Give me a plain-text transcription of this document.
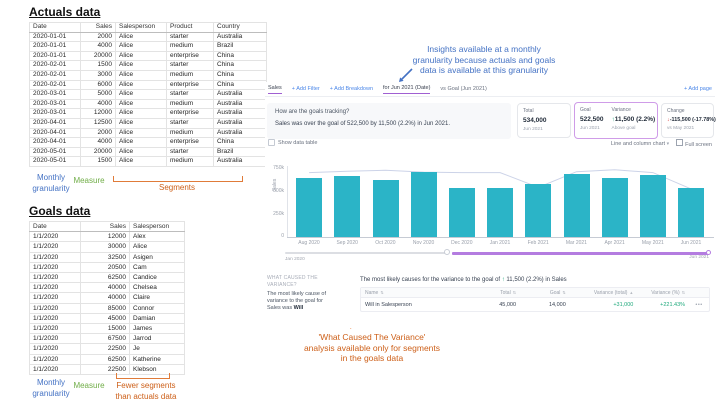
Actuals data
Date	Sales	Salesperson	Product	Country
2020-01-01	2000	Alice	starter	Australia
2020-01-01	4000	Alice	medium	Brazil
2020-01-01	20000	Alice	enterprise	China
2020-02-01	1500	Alice	starter	China
2020-02-01	3000	Alice	medium	China
2020-02-01	6000	Alice	enterprise	China
2020-03-01	5000	Alice	starter	Australia
2020-03-01	4000	Alice	medium	Australia
2020-03-01	12000	Alice	enterprise	Australia
2020-04-01	12500	Alice	starter	Australia
2020-04-01	2000	Alice	medium	Australia
2020-04-01	4000	Alice	enterprise	China
2020-05-01	20000	Alice	starter	Brazil
2020-05-01	1500	Alice	medium	Australia
Monthly granularity
Measure
Segments
Goals data
Date	Sales	Salesperson
1/1/2020	12000	Alex
1/1/2020	30000	Alice
1/1/2020	32500	Asigen
1/1/2020	20500	Cam
1/1/2020	62500	Candice
1/1/2020	40000	Chelsea
1/1/2020	40000	Claire
1/1/2020	85000	Connor
1/1/2020	45000	Damian
1/1/2020	15000	James
1/1/2020	67500	Jarrod
1/1/2020	22500	Je
1/1/2020	62500	Katherine
1/1/2020	22500	Klebson
Monthly granularity
Measure	Fewer segments
than actuals data
Insights available at a monthly
granularity because actuals and goals
data is available at this granularity
'What Caused The Variance'
analysis available only for segments
in the goals data
Sales + Add Filter + Add Breakdown for Jun 2021 (Date) vs Goal (Jun 2021)	+ Add page
How are the goals tracking?
Sales was over the goal of 522,500 by 11,500 (2.2%) in Jun 2021.
Total
534,000
Jun 2021
Goal
522,500
Jun 2021
Variance
↑11,500 (2.2%)
Above goal
Change
↓-115,500 (-17.78%)
vs May 2021
Show data table	Line and column chart ▾	Full screen
Sales
750k
500k
250k
0
Aug 2020	Sep 2020	Oct 2020	Nov 2020	Dec 2020	Jan 2021	Feb 2021	Mar 2021	Apr 2021	May 2021	Jun 2021
Jan 2020	Jun 2021
WHAT CAUSED THE
VARIANCE?
The most likely cause of variance to the goal for Sales was Will
The most likely causes for the variance to the goal of ↑ 11,500 (2.2%) in Sales
Name ⇅	Total ⇅	Goal ⇅	Variance (total) ▲	Variance (%) ⇅
Will in Salesperson	45,000	14,000	+31,000	+221.43%	•••
